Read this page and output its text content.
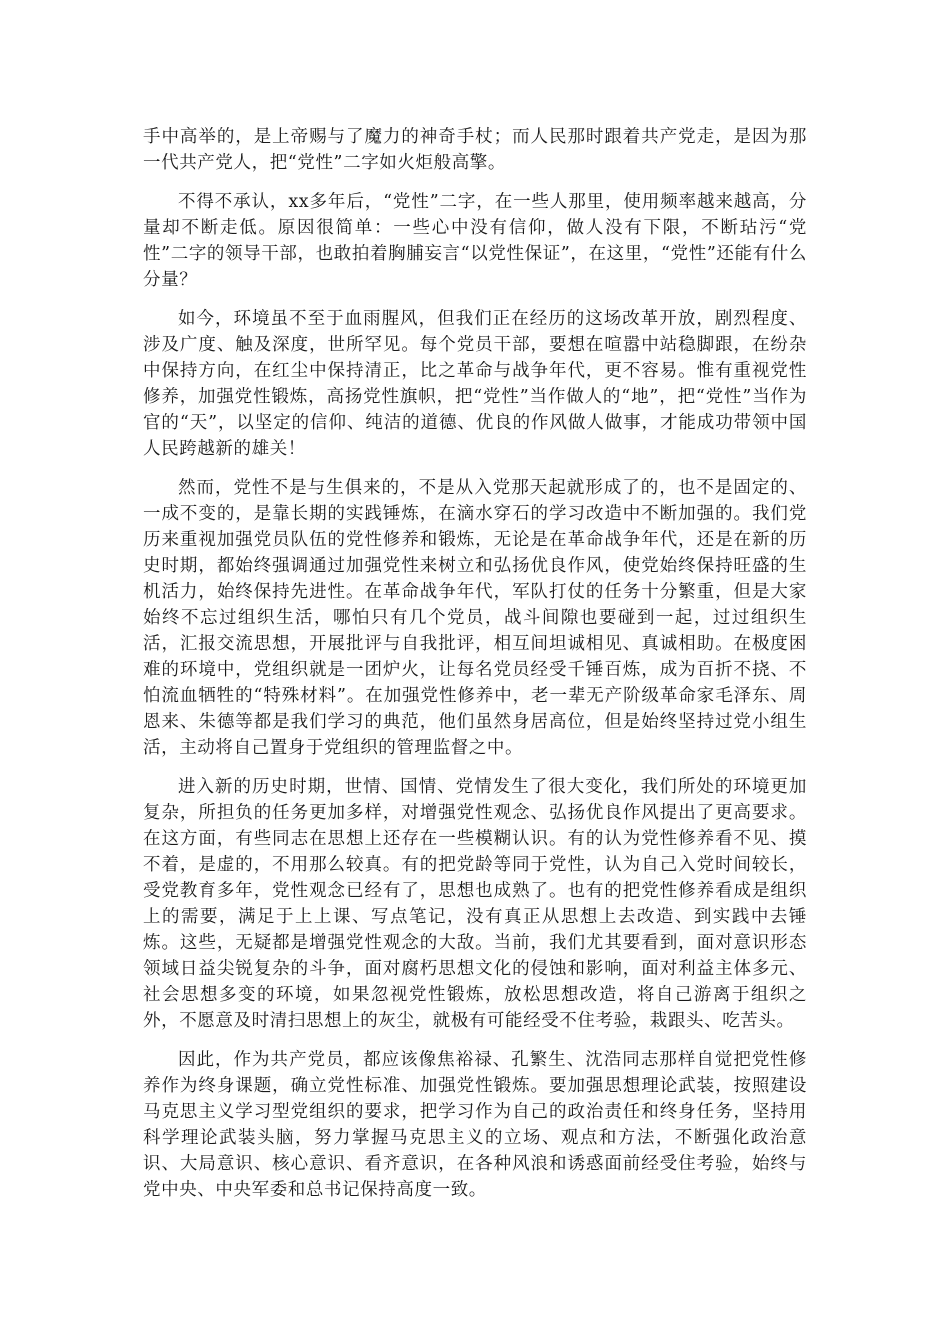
手中高举的，是上帝赐与了魔力的神奇手杖；而人民那时跟着共产党走，是因为那一代共产党人，把“党性”二字如火炬般高擎。

不得不承认，xx多年后，“党性”二字，在一些人那里，使用频率越来越高，分量却不断走低。原因很简单：一些心中没有信仰，做人没有下限，不断玷污“党性”二字的领导干部，也敢拍着胸脯妄言“以党性保证”，在这里，“党性”还能有什么分量？

如今，环境虽不至于血雨腥风，但我们正在经历的这场改革开放，剧烈程度、涉及广度、触及深度，世所罕见。每个党员干部，要想在喧嚣中站稳脚跟，在纷杂中保持方向，在红尘中保持清正，比之革命与战争年代，更不容易。惟有重视党性修养，加强党性锻炼，高扬党性旗帜，把“党性”当作做人的“地”，把“党性”当作为官的“天”，以坚定的信仰、纯洁的道德、优良的作风做人做事，才能成功带领中国人民跨越新的雄关！

然而，党性不是与生俱来的，不是从入党那天起就形成了的，也不是固定的、一成不变的，是靠长期的实践锤炼，在滴水穿石的学习改造中不断加强的。我们党历来重视加强党员队伍的党性修养和锻炼，无论是在革命战争年代，还是在新的历史时期，都始终强调通过加强党性来树立和弘扬优良作风，使党始终保持旺盛的生机活力，始终保持先进性。在革命战争年代，军队打仗的任务十分繁重，但是大家始终不忘过组织生活，哪怕只有几个党员，战斗间隙也要碰到一起，过过组织生活，汇报交流思想，开展批评与自我批评，相互间坦诚相见、真诚相助。在极度困难的环境中，党组织就是一团炉火，让每名党员经受千锤百炼，成为百折不挠、不怕流血牺牲的“特殊材料”。在加强党性修养中，老一辈无产阶级革命家毛泽东、周恩来、朱德等都是我们学习的典范，他们虽然身居高位，但是始终坚持过党小组生活，主动将自己置身于党组织的管理监督之中。

进入新的历史时期，世情、国情、党情发生了很大变化，我们所处的环境更加复杂，所担负的任务更加多样，对增强党性观念、弘扬优良作风提出了更高要求。在这方面，有些同志在思想上还存在一些模糊认识。有的认为党性修养看不见、摸不着，是虚的，不用那么较真。有的把党龄等同于党性，认为自己入党时间较长，受党教育多年，党性观念已经有了，思想也成熟了。也有的把党性修养看成是组织上的需要，满足于上上课、写点笔记，没有真正从思想上去改造、到实践中去锤炼。这些，无疑都是增强党性观念的大敌。当前，我们尤其要看到，面对意识形态领域日益尖锐复杂的斗争，面对腐朽思想文化的侵蚀和影响，面对利益主体多元、社会思想多变的环境，如果忽视党性锻炼，放松思想改造，将自己游离于组织之外，不愿意及时清扫思想上的灰尘，就极有可能经受不住考验，栽跟头、吃苦头。

因此，作为共产党员，都应该像焦裕禄、孔繁生、沈浩同志那样自觉把党性修养作为终身课题，确立党性标准、加强党性锻炼。要加强思想理论武装，按照建设马克思主义学习型党组织的要求，把学习作为自己的政治责任和终身任务，坚持用科学理论武装头脑，努力掌握马克思主义的立场、观点和方法，不断强化政治意识、大局意识、核心意识、看齐意识，在各种风浪和诱惑面前经受住考验，始终与党中央、中央军委和总书记保持高度一致。
